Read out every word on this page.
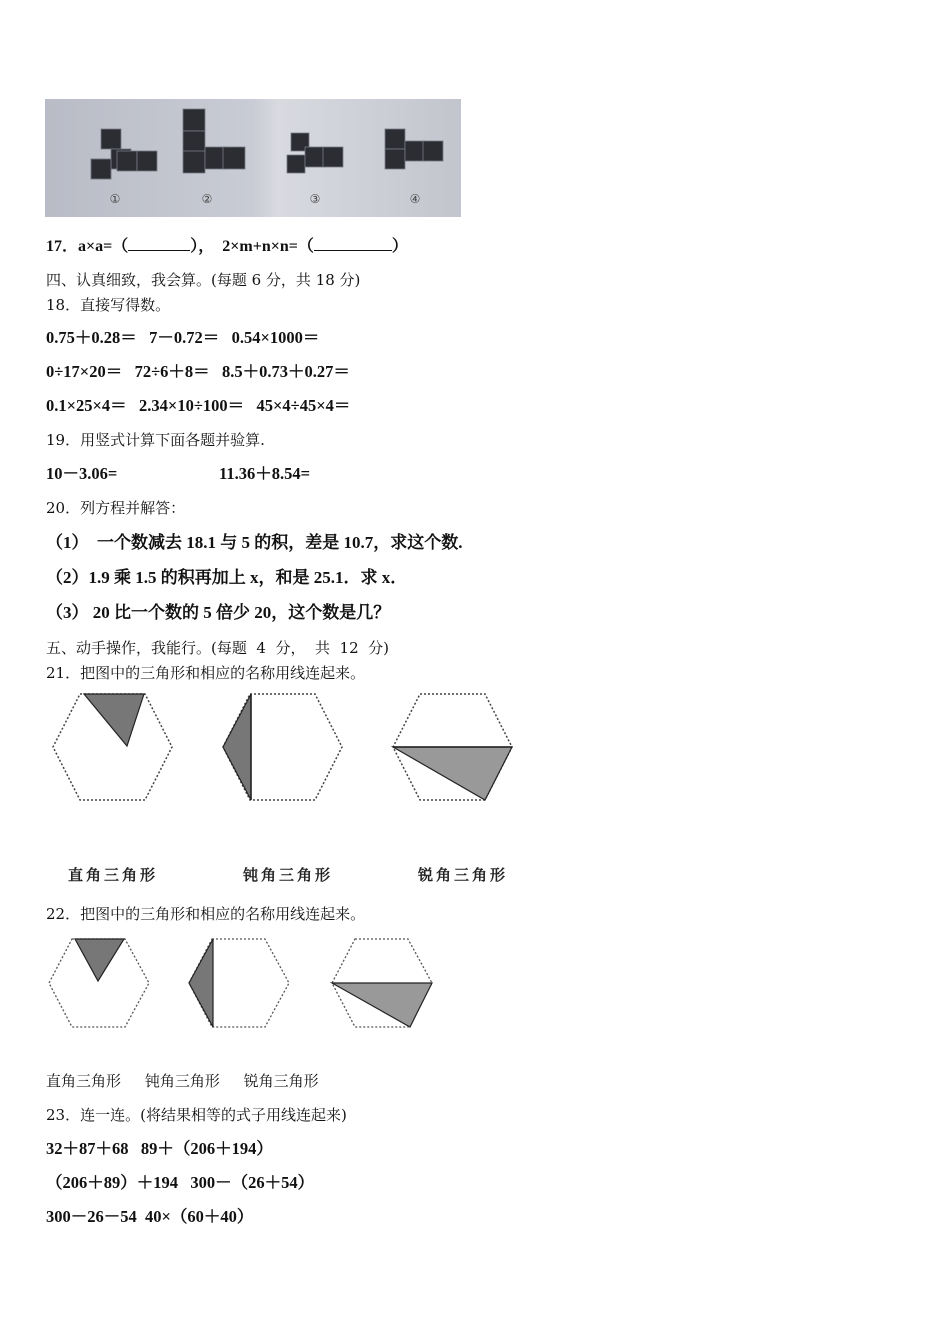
①	②	③	④
17．a×a=（	），  2×m+n×n=（	）
四、认真细致，我会算。(每题 6 分，共 18 分)
18．直接写得数。
0.75＋0.28＝   7－0.72＝   0.54×1000＝
0÷17×20＝   72÷6＋8＝   8.5＋0.73＋0.27＝
0.1×25×4＝   2.34×10÷100＝   45×4÷45×4＝
19．用竖式计算下面各题并验算.
10－3.06=	11.36＋8.54=
20．列方程并解答：
（1）  一个数减去 18.1 与 5 的积，差是 10.7，求这个数.
（2）1.9 乘 1.5 的积再加上 x，和是 25.1．求 x．
（3） 20 比一个数的 5 倍少 20，这个数是几？
五、动手操作，我能行。(每题  4  分，  共  12  分)
21．把图中的三角形和相应的名称用线连起来。
直角三角形	钝角三角形	锐角三角形
22．把图中的三角形和相应的名称用线连起来。
直角三角形     钝角三角形     锐角三角形
23．连一连。(将结果相等的式子用线连起来)
32＋87＋68   89＋（206＋194）
（206＋89）＋194   300－（26＋54）
300－26－54  40×（60＋40）
